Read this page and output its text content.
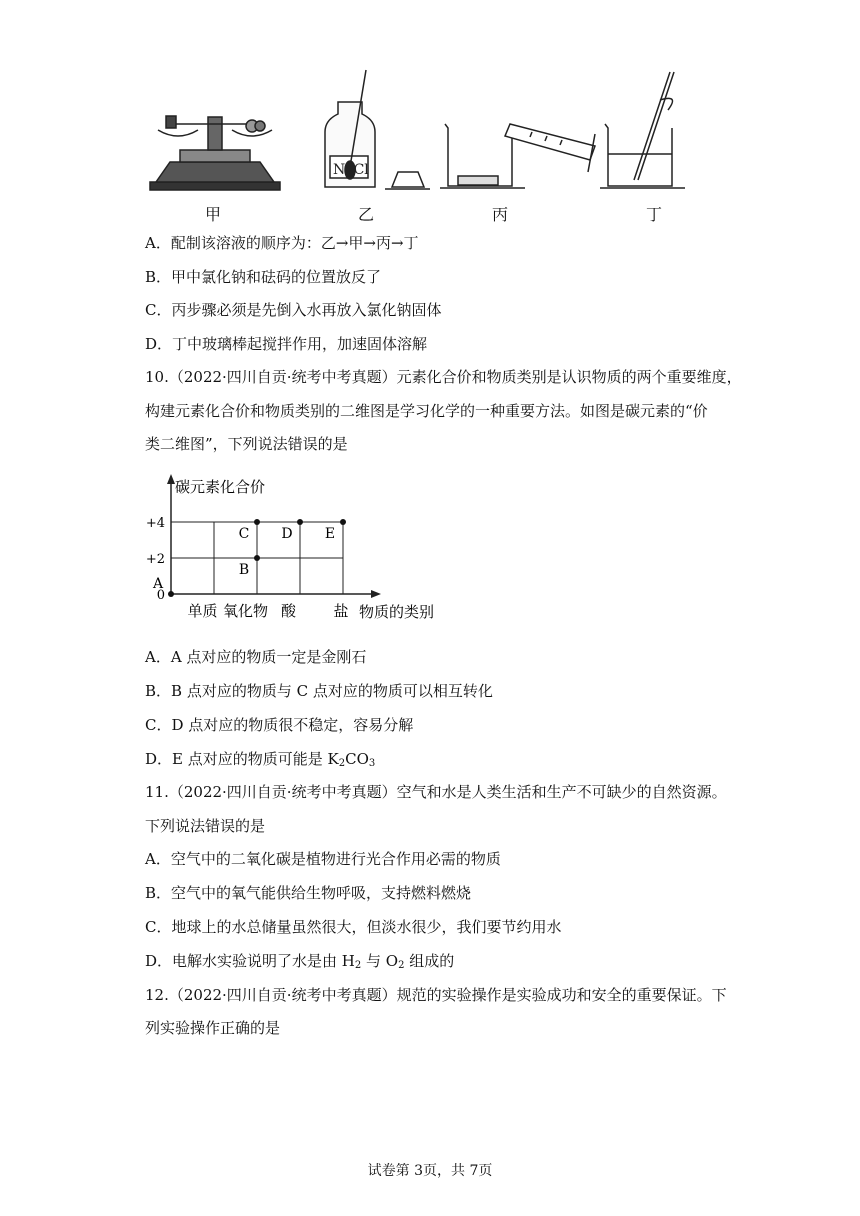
NaCl
甲	乙	丙	丁
A．配制该溶液的顺序为：乙→甲→丙→丁
B．甲中氯化钠和砝码的位置放反了
C．丙步骤必须是先倒入水再放入氯化钠固体
D．丁中玻璃棒起搅拌作用，加速固体溶解
10.（2022·四川自贡·统考中考真题）元素化合价和物质类别是认识物质的两个重要维度，
构建元素化合价和物质类别的二维图是学习化学的一种重要方法。如图是碳元素的“价
类二维图”，下列说法错误的是
碳元素化合价
物质的类别
0
+2
+4
单质 氧化物 酸 盐
A
B
C D E
A．A 点对应的物质一定是金刚石
B．B 点对应的物质与 C 点对应的物质可以相互转化
C．D 点对应的物质很不稳定，容易分解
D．E 点对应的物质可能是 $K_2CO_3$
11.（2022·四川自贡·统考中考真题）空气和水是人类生活和生产不可缺少的自然资源。
下列说法错误的是
A．空气中的二氧化碳是植物进行光合作用必需的物质
B．空气中的氧气能供给生物呼吸，支持燃料燃烧
C．地球上的水总储量虽然很大，但淡水很少，我们要节约用水
D．电解水实验说明了水是由 $H_2$ 与 $O_2$ 组成的
12.（2022·四川自贡·统考中考真题）规范的实验操作是实验成功和安全的重要保证。下
列实验操作正确的是
试卷第 3页，共 7页
